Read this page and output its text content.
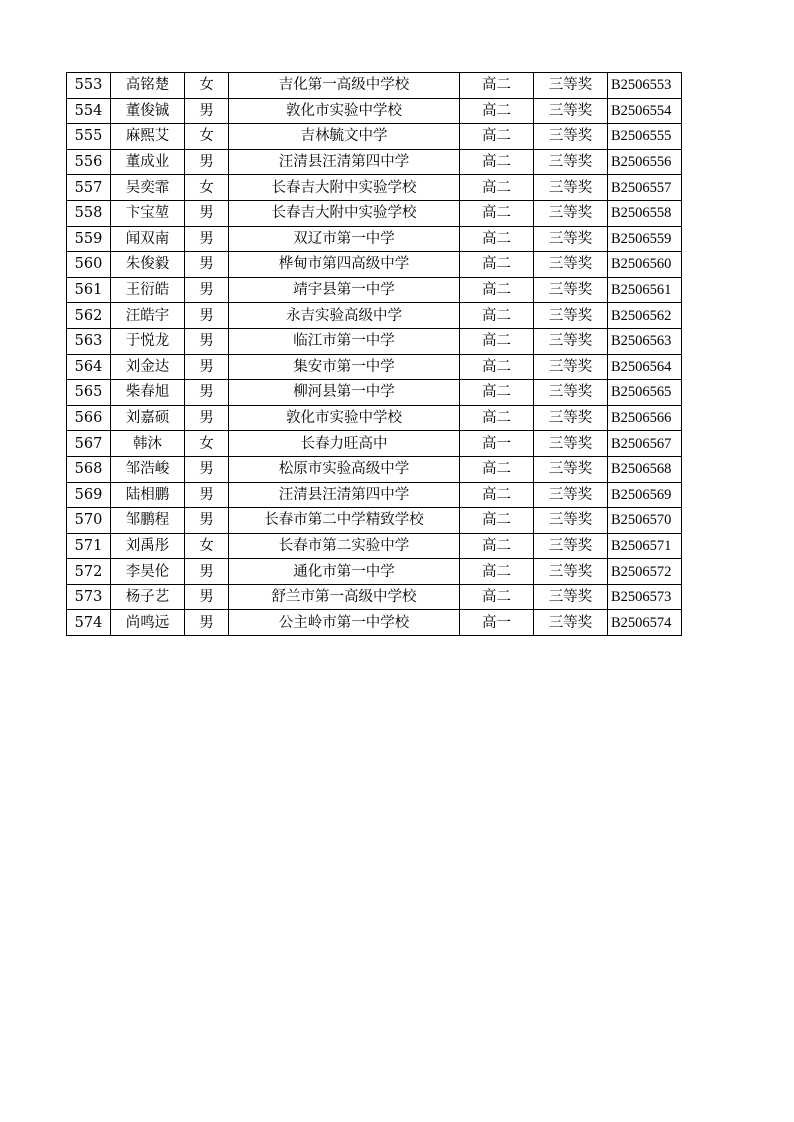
553	高铭楚	女	吉化第一高级中学校	高二	三等奖	B2506553
554	董俊铖	男	敦化市实验中学校	高二	三等奖	B2506554
555	麻熙艾	女	吉林毓文中学	高二	三等奖	B2506555
556	董成业	男	汪清县汪清第四中学	高二	三等奖	B2506556
557	吴奕霏	女	长春吉大附中实验学校	高二	三等奖	B2506557
558	卞宝堃	男	长春吉大附中实验学校	高二	三等奖	B2506558
559	闻双南	男	双辽市第一中学	高二	三等奖	B2506559
560	朱俊毅	男	桦甸市第四高级中学	高二	三等奖	B2506560
561	王衍皓	男	靖宇县第一中学	高二	三等奖	B2506561
562	汪皓宇	男	永吉实验高级中学	高二	三等奖	B2506562
563	于悦龙	男	临江市第一中学	高二	三等奖	B2506563
564	刘金达	男	集安市第一中学	高二	三等奖	B2506564
565	柴春旭	男	柳河县第一中学	高二	三等奖	B2506565
566	刘嘉硕	男	敦化市实验中学校	高二	三等奖	B2506566
567	韩沐	女	长春力旺高中	高一	三等奖	B2506567
568	邹浩峻	男	松原市实验高级中学	高二	三等奖	B2506568
569	陆相鹏	男	汪清县汪清第四中学	高二	三等奖	B2506569
570	邹鹏程	男	长春市第二中学精致学校	高二	三等奖	B2506570
571	刘禹彤	女	长春市第二实验中学	高二	三等奖	B2506571
572	李昊伦	男	通化市第一中学	高二	三等奖	B2506572
573	杨子艺	男	舒兰市第一高级中学校	高二	三等奖	B2506573
574	尚鸣远	男	公主岭市第一中学校	高一	三等奖	B2506574
